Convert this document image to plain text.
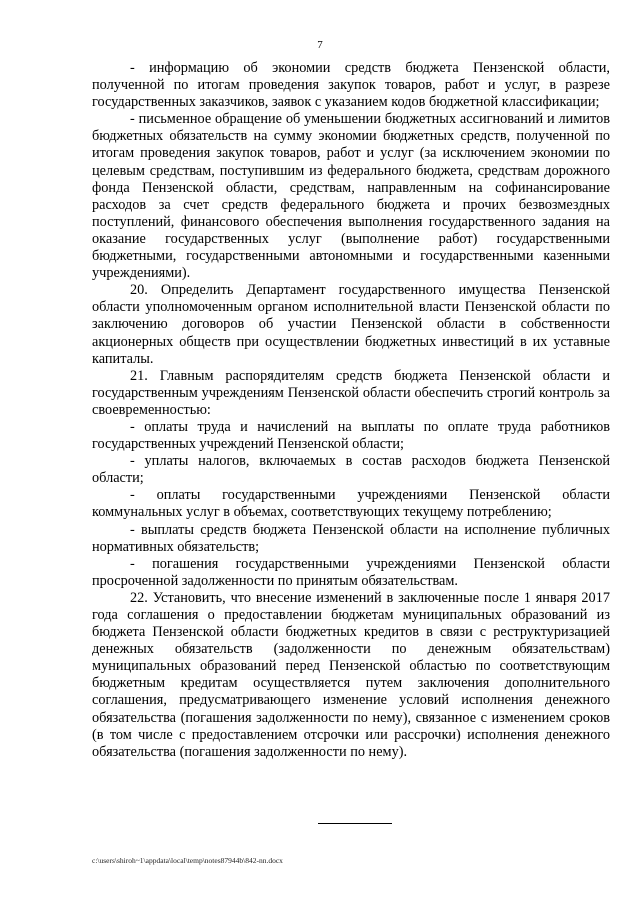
7

- информацию об экономии средств бюджета Пензенской области, полученной по итогам проведения закупок товаров, работ и услуг, в разрезе государственных заказчиков, заявок с указанием кодов бюджетной классификации;

- письменное обращение об уменьшении бюджетных ассигнований и лимитов бюджетных обязательств на сумму экономии бюджетных средств, полученной по итогам проведения закупок товаров, работ и услуг (за исключением экономии по целевым средствам, поступившим из федерального бюджета, средствам дорожного фонда Пензенской области, средствам, направленным на софинансирование расходов за счет средств федерального бюджета и прочих безвозмездных поступлений, финансового обеспечения выполнения государственного задания на оказание государственных услуг (выполнение работ) государственными бюджетными, государственными автономными и государственными казенными учреждениями).

20. Определить Департамент государственного имущества Пензенской области уполномоченным органом исполнительной власти Пензенской области по заключению договоров об участии Пензенской области в собственности акционерных обществ при осуществлении бюджетных инвестиций в их уставные капиталы.

21. Главным распорядителям средств бюджета Пензенской области и государственным учреждениям Пензенской области обеспечить строгий контроль за своевременностью:

- оплаты труда и начислений на выплаты по оплате труда работников государственных учреждений Пензенской области;

- уплаты налогов, включаемых в состав расходов бюджета Пензенской области;

- оплаты государственными учреждениями Пензенской области коммунальных услуг в объемах, соответствующих текущему потреблению;

- выплаты средств бюджета Пензенской области на исполнение публичных нормативных обязательств;

- погашения государственными учреждениями Пензенской области просроченной задолженности по принятым обязательствам.

22. Установить, что внесение изменений в заключенные после 1 января 2017 года соглашения о предоставлении бюджетам муниципальных образований из бюджета Пензенской области бюджетных кредитов в связи с реструктуризацией денежных обязательств (задолженности по денежным обязательствам) муниципальных образований перед Пензенской областью по соответствующим бюджетным кредитам осуществляется путем заключения дополнительного соглашения, предусматривающего изменение условий исполнения денежного обязательства (погашения задолженности по нему), связанное с изменением сроков (в том числе с предоставлением отсрочки или рассрочки) исполнения денежного обязательства (погашения задолженности по нему).

c:\users\shiroh~1\appdata\local\temp\notes87944b\842-nn.docx
